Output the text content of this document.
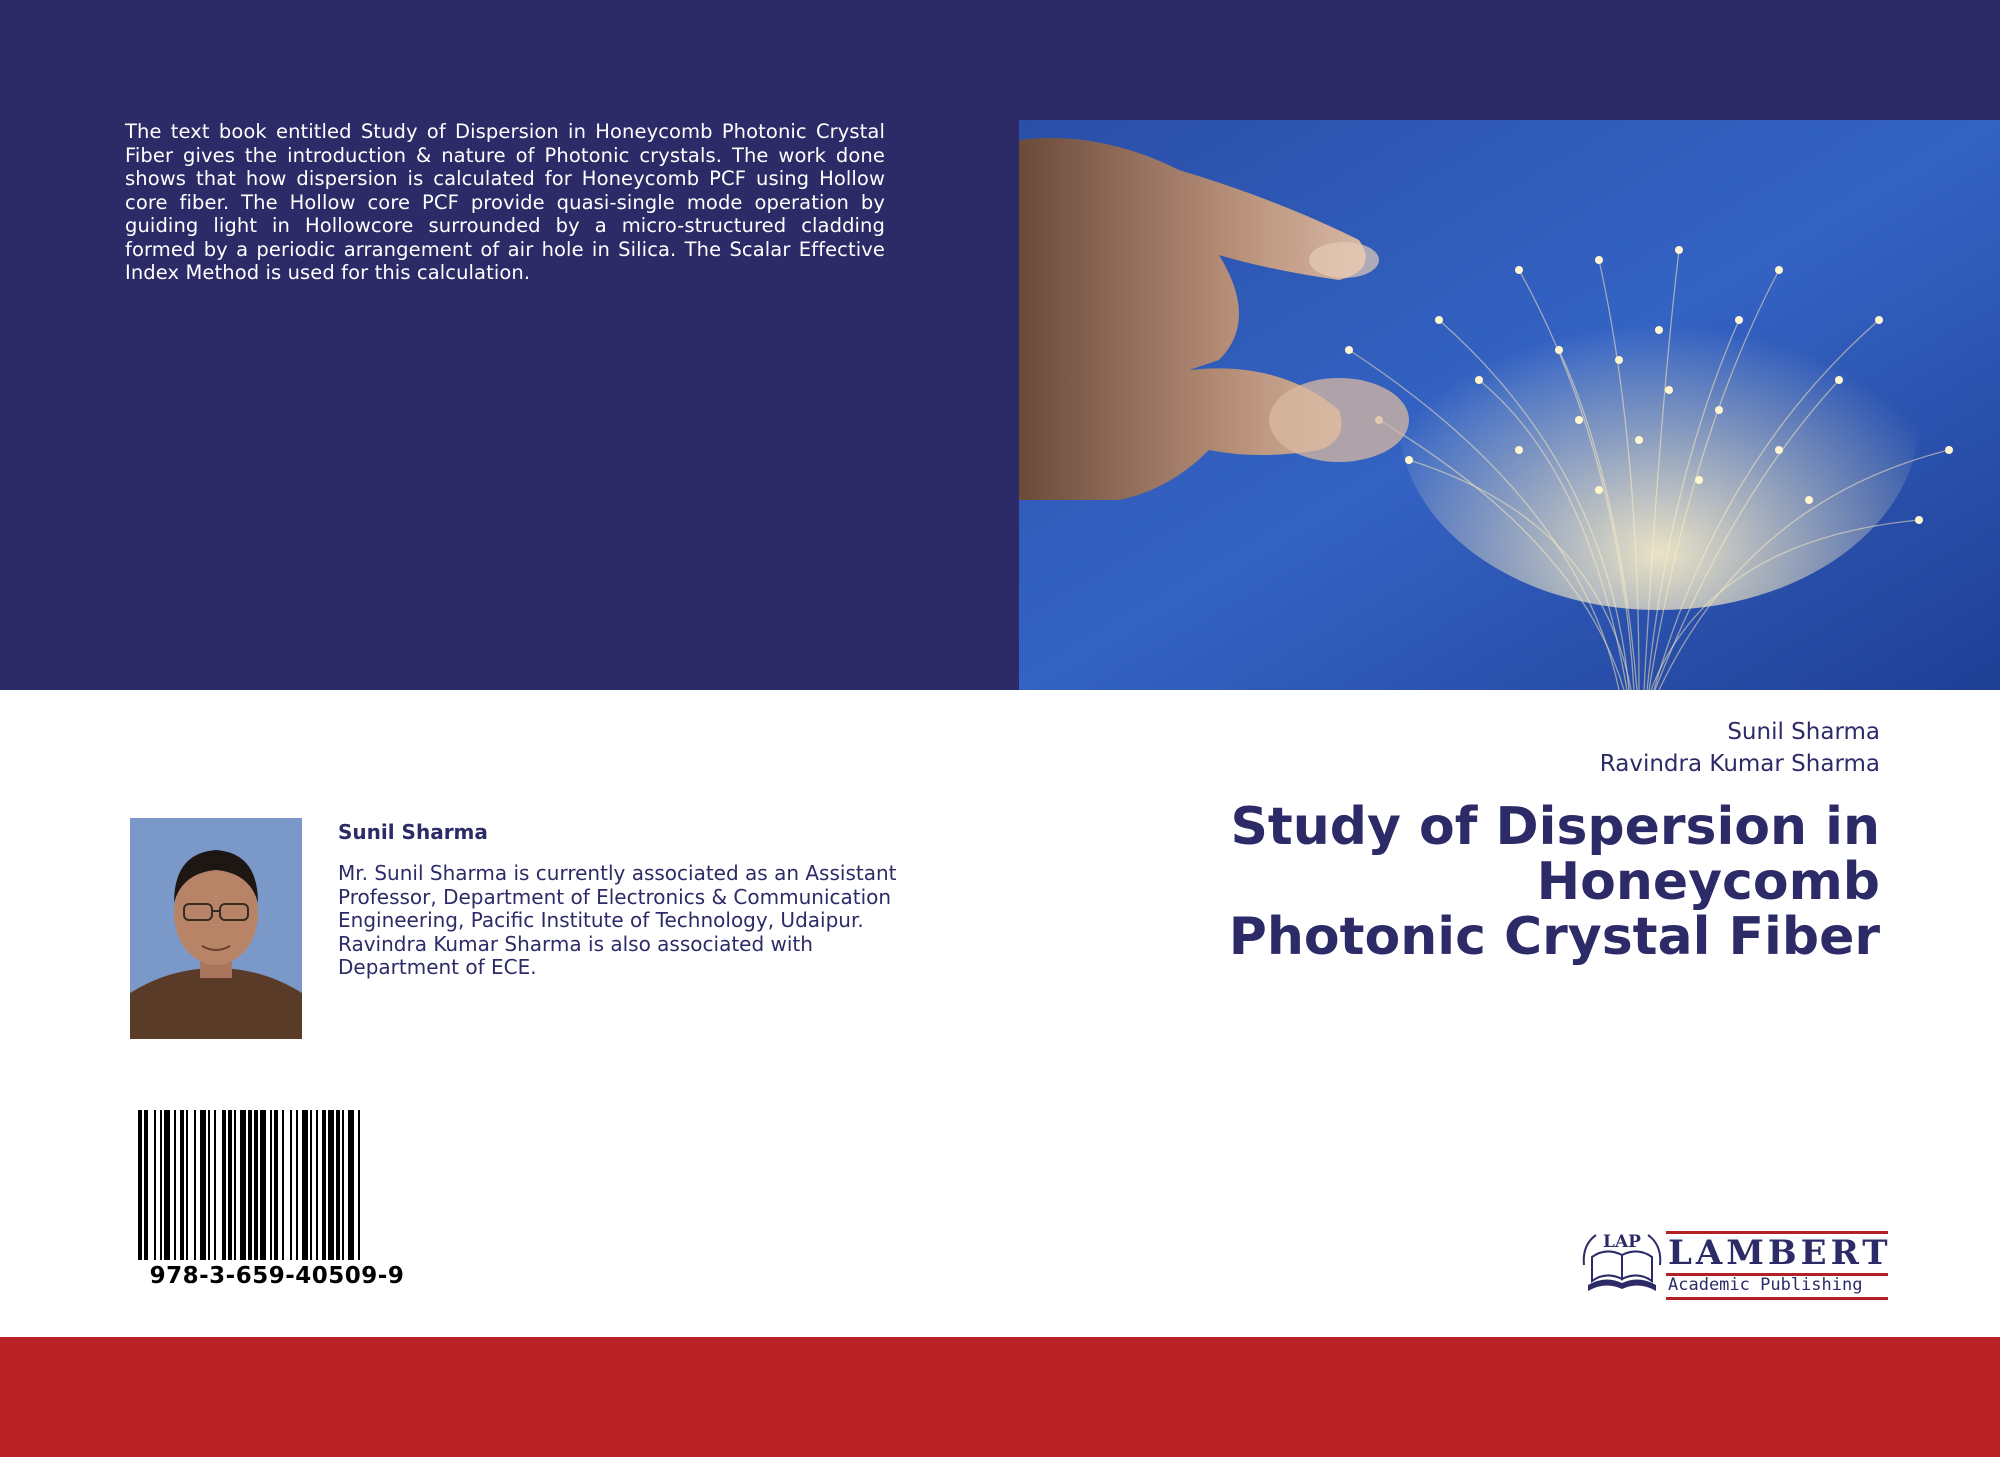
The text book entitled Study of Dispersion in Honeycomb Photonic Crystal Fiber gives the introduction & nature of Photonic crystals. The work done shows that how dispersion is calculated for Honeycomb PCF using Hollow core fiber. The Hollow core PCF provide quasi-single mode operation by guiding light in Hollowcore surrounded by a micro-structured cladding formed by a periodic arrangement of air hole in Silica. The Scalar Effective Index Method is used for this calculation.
Sunil Sharma
Ravindra Kumar Sharma
Study of Dispersion in
Honeycomb
Photonic Crystal Fiber
Sunil Sharma
Mr. Sunil Sharma is currently associated as an Assistant Professor, Department of Electronics & Communication Engineering, Pacific Institute of Technology, Udaipur. Ravindra Kumar Sharma is also associated with Department of ECE.
978-3-659-40509-9
LAP LAMBERT
Academic Publishing
